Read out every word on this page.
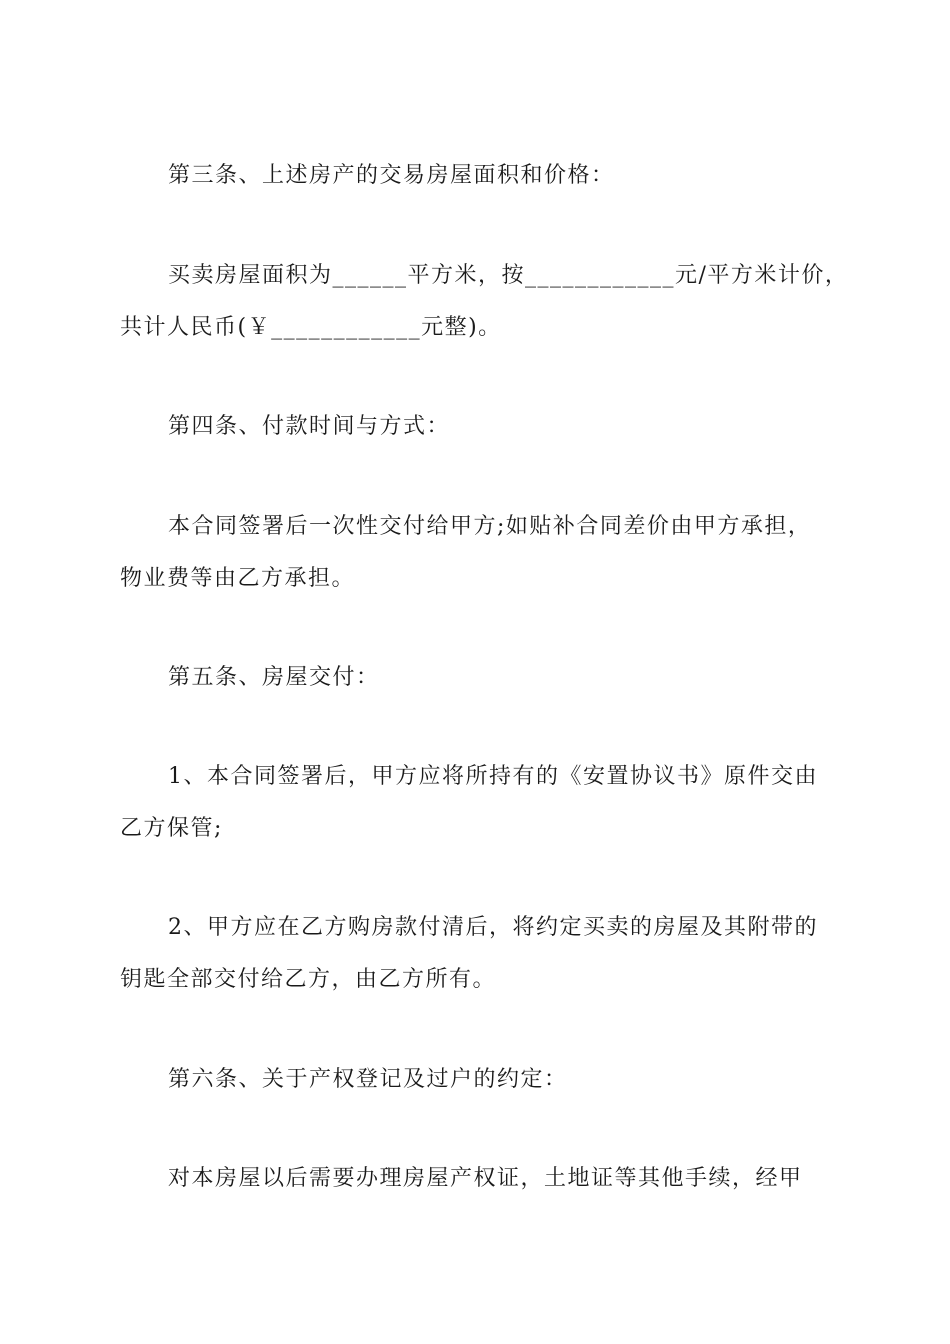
第三条、上述房产的交易房屋面积和价格：
买卖房屋面积为______平方米，按____________元/平方米计价，
共计人民币(￥____________元整)。
第四条、付款时间与方式：
本合同签署后一次性交付给甲方;如贴补合同差价由甲方承担，
物业费等由乙方承担。
第五条、房屋交付：
1、本合同签署后，甲方应将所持有的《安置协议书》原件交由
乙方保管;
2、甲方应在乙方购房款付清后，将约定买卖的房屋及其附带的
钥匙全部交付给乙方，由乙方所有。
第六条、关于产权登记及过户的约定：
对本房屋以后需要办理房屋产权证，土地证等其他手续，经甲
